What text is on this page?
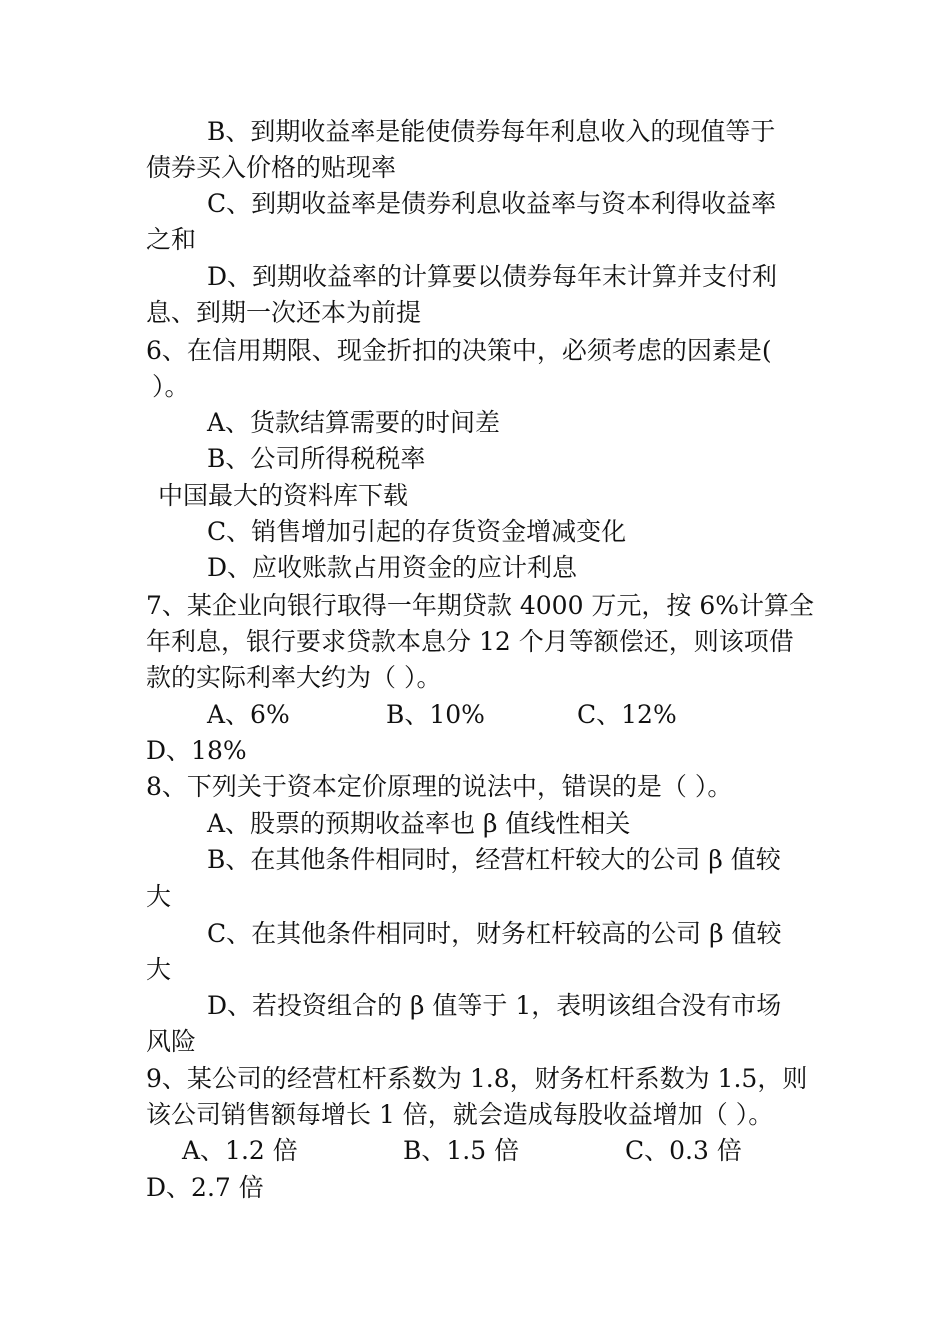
B、到期收益率是能使债券每年利息收入的现值等于
债券买入价格的贴现率
C、到期收益率是债券利息收益率与资本利得收益率
之和
D、到期收益率的计算要以债券每年末计算并支付利
息、到期一次还本为前提
6、在信用期限、现金折扣的决策中，必须考虑的因素是(
）。
A、货款结算需要的时间差
B、公司所得税税率
中国最大的资料库下载
C、销售增加引起的存货资金增减变化
D、应收账款占用资金的应计利息
7、某企业向银行取得一年期贷款 4000 万元，按 6%计算全
年利息，银行要求贷款本息分 12 个月等额偿还，则该项借
款的实际利率大约为（ ）。
A、6%	B、10%	C、12%
D、18%
8、下列关于资本定价原理的说法中，错误的是（ ）。
A、股票的预期收益率也 β 值线性相关
B、在其他条件相同时，经营杠杆较大的公司 β 值较
大
C、在其他条件相同时，财务杠杆较高的公司 β 值较
大
D、若投资组合的 β 值等于 1，表明该组合没有市场
风险
9、某公司的经营杠杆系数为 1.8，财务杠杆系数为 1.5，则
该公司销售额每增长 1 倍，就会造成每股收益增加（ ）。
A、1.2 倍	B、1.5 倍	C、0.3 倍
D、2.7 倍
